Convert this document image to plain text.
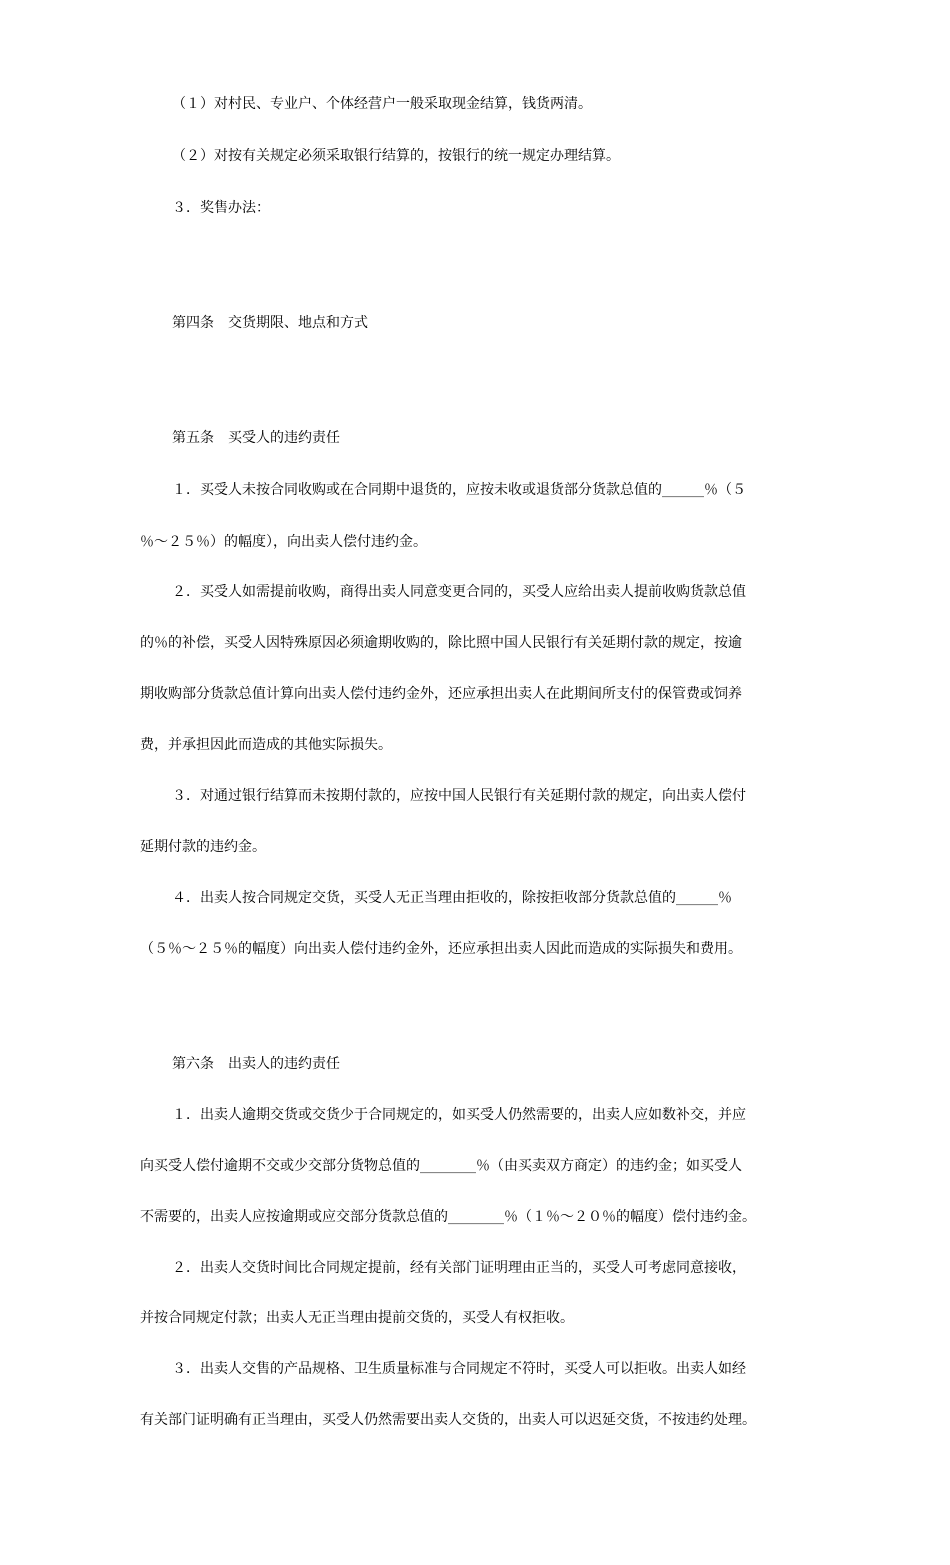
（１）对村民、专业户、个体经营户一般采取现金结算，钱货两清。

（２）对按有关规定必须采取银行结算的，按银行的统一规定办理结算。

３．奖售办法：

第四条　交货期限、地点和方式

第五条　买受人的违约责任

１．买受人未按合同收购或在合同期中退货的，应按未收或退货部分货款总值的______％（５

％～２５％）的幅度），向出卖人偿付违约金。

２．买受人如需提前收购，商得出卖人同意变更合同的，买受人应给出卖人提前收购货款总值

的％的补偿，买受人因特殊原因必须逾期收购的，除比照中国人民银行有关延期付款的规定，按逾

期收购部分货款总值计算向出卖人偿付违约金外，还应承担出卖人在此期间所支付的保管费或饲养

费，并承担因此而造成的其他实际损失。

３．对通过银行结算而未按期付款的，应按中国人民银行有关延期付款的规定，向出卖人偿付

延期付款的违约金。

４．出卖人按合同规定交货，买受人无正当理由拒收的，除按拒收部分货款总值的______％

（５％～２５％的幅度）向出卖人偿付违约金外，还应承担出卖人因此而造成的实际损失和费用。

第六条　出卖人的违约责任

１．出卖人逾期交货或交货少于合同规定的，如买受人仍然需要的，出卖人应如数补交，并应

向买受人偿付逾期不交或少交部分货物总值的________％（由买卖双方商定）的违约金；如买受人

不需要的，出卖人应按逾期或应交部分货款总值的________％（１％～２０％的幅度）偿付违约金。

２．出卖人交货时间比合同规定提前，经有关部门证明理由正当的，买受人可考虑同意接收，

并按合同规定付款；出卖人无正当理由提前交货的，买受人有权拒收。

３．出卖人交售的产品规格、卫生质量标准与合同规定不符时，买受人可以拒收。出卖人如经

有关部门证明确有正当理由，买受人仍然需要出卖人交货的，出卖人可以迟延交货，不按违约处理。
